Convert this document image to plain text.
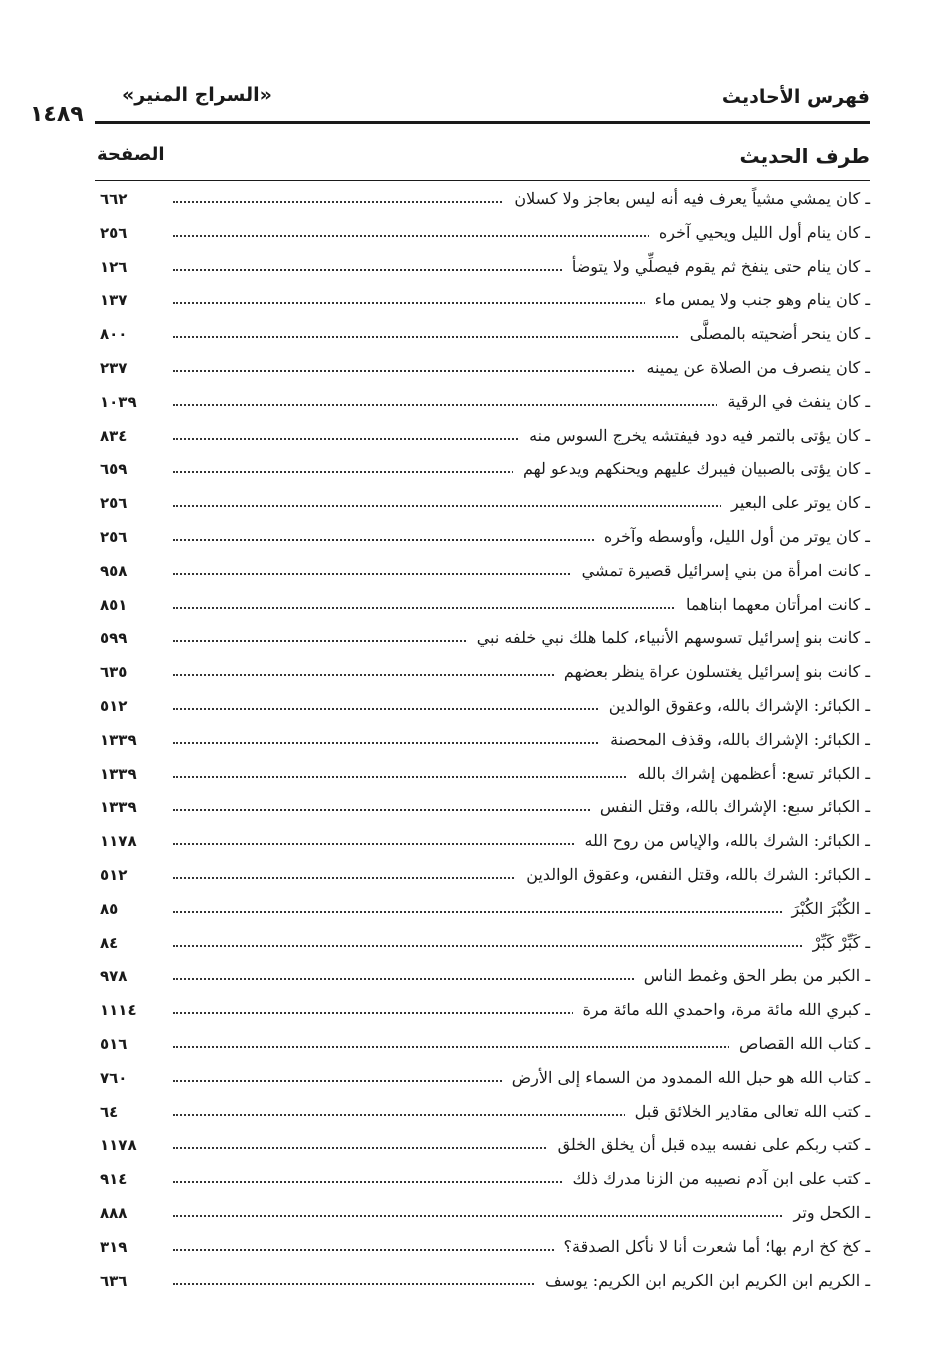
١٤٨٩
«السراج المنير»	فهرس الأحاديث
الصفحة	طرف الحديث
ـ كان يمشي مشياً يعرف فيه أنه ليس بعاجز ولا كسلان
٦٦٢
ـ كان ينام أول الليل ويحيي آخره
٢٥٦
ـ كان ينام حتى ينفخ ثم يقوم فيصلِّي ولا يتوضأ
١٢٦
ـ كان ينام وهو جنب ولا يمس ماء
١٣٧
ـ كان ينحر أضحيته بالمصلَّى
٨٠٠
ـ كان ينصرف من الصلاة عن يمينه
٢٣٧
ـ كان ينفث في الرقية
١٠٣٩
ـ كان يؤتى بالتمر فيه دود فيفتشه يخرج السوس منه
٨٣٤
ـ كان يؤتى بالصبيان فيبرك عليهم ويحنكهم ويدعو لهم
٦٥٩
ـ كان يوتر على البعير
٢٥٦
ـ كان يوتر من أول الليل، وأوسطه وآخره
٢٥٦
ـ كانت امرأة من بني إسرائيل قصيرة تمشي
٩٥٨
ـ كانت امرأتان معهما ابناهما
٨٥١
ـ كانت بنو إسرائيل تسوسهم الأنبياء، كلما هلك نبي خلفه نبي
٥٩٩
ـ كانت بنو إسرائيل يغتسلون عراة ينظر بعضهم
٦٣٥
ـ الكبائر: الإشراك بالله، وعقوق الوالدين
٥١٢
ـ الكبائر: الإشراك بالله، وقذف المحصنة
١٣٣٩
ـ الكبائر تسع: أعظمهن إشراك بالله
١٣٣٩
ـ الكبائر سبع: الإشراك بالله، وقتل النفس
١٣٣٩
ـ الكبائر: الشرك بالله، والإياس من روح الله
١١٧٨
ـ الكبائر: الشرك بالله، وقتل النفس، وعقوق الوالدين
٥١٢
ـ الكُبْرَ الكُبْرَ
٨٥
ـ كَبِّرْ كَبِّرْ
٨٤
ـ الكبر من بطر الحق وغمط الناس
٩٧٨
ـ كبري الله مائة مرة، واحمدي الله مائة مرة
١١١٤
ـ كتاب الله القصاص
٥١٦
ـ كتاب الله هو حبل الله الممدود من السماء إلى الأرض
٧٦٠
ـ كتب الله تعالى مقادير الخلائق قبل
٦٤
ـ كتب ربكم على نفسه بيده قبل أن يخلق الخلق
١١٧٨
ـ كتب على ابن آدم نصيبه من الزنا مدرك ذلك
٩١٤
ـ الكحل وتر
٨٨٨
ـ كخ كخ ارم بها؛ أما شعرت أنا لا نأكل الصدقة؟
٣١٩
ـ الكريم ابن الكريم ابن الكريم ابن الكريم: يوسف
٦٣٦
